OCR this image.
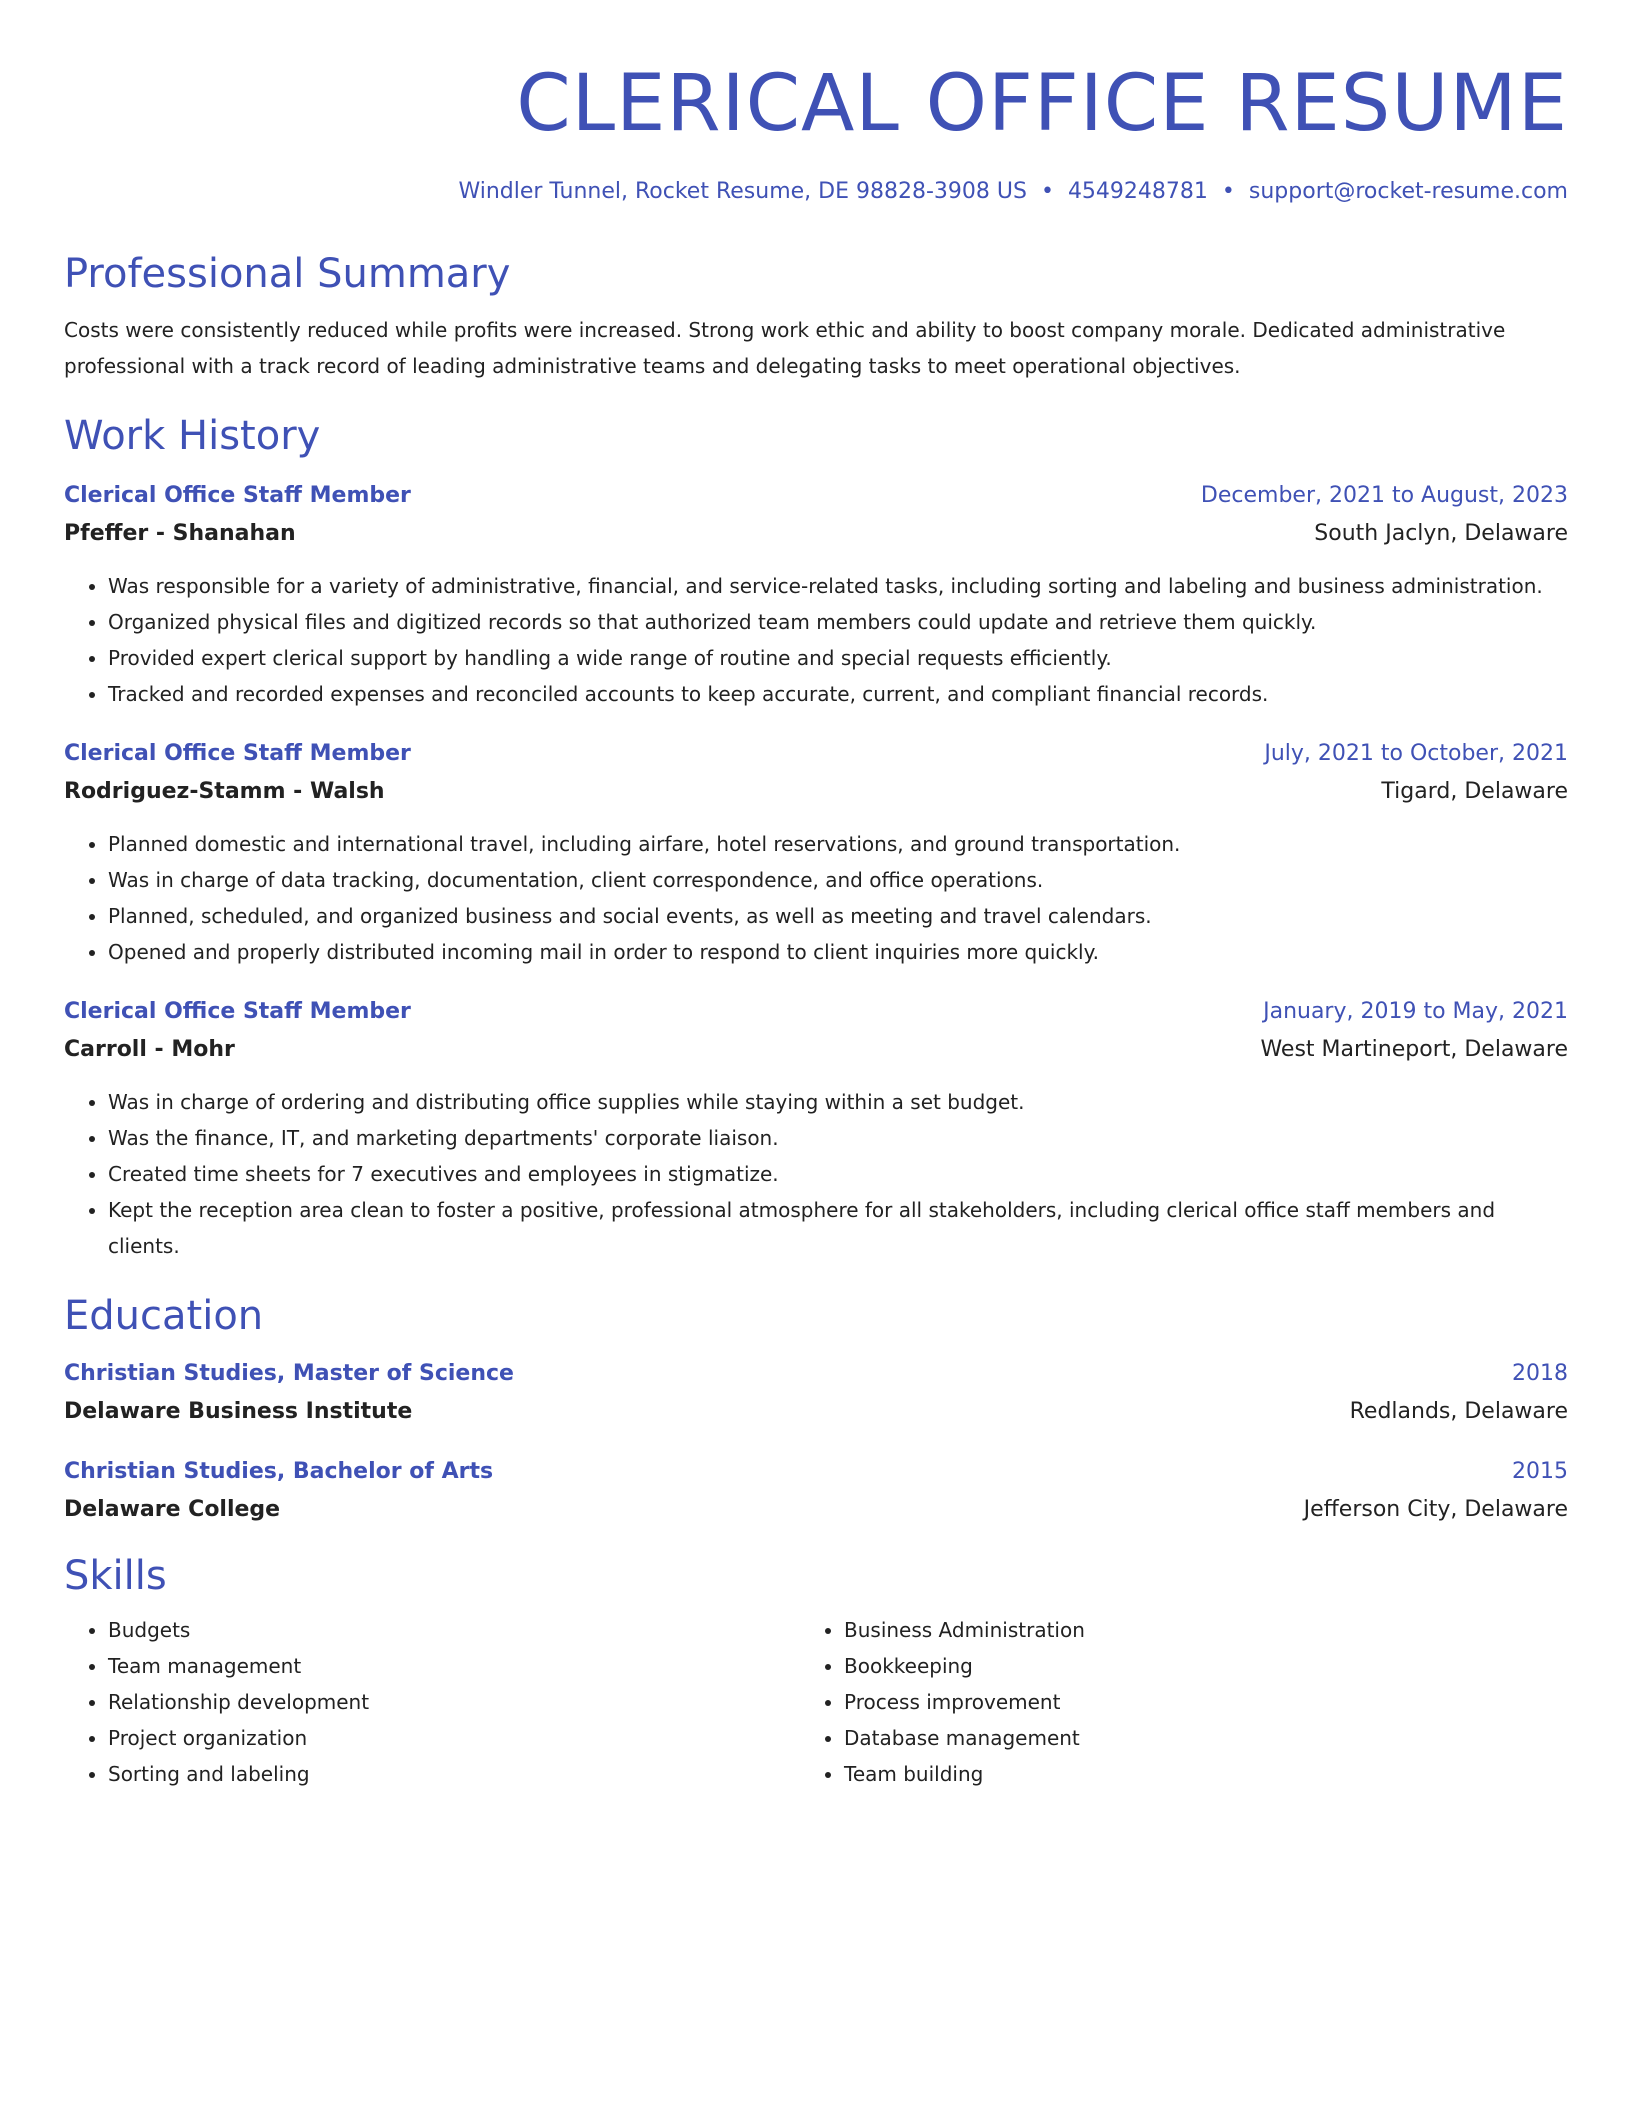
CLERICAL OFFICE RESUME
Windler Tunnel, Rocket Resume, DE 98828-3908 US • 4549248781 • support@rocket-resume.com
Professional Summary

Costs were consistently reduced while profits were increased. Strong work ethic and ability to boost company morale. Dedicated administrative professional with a track record of leading administrative teams and delegating tasks to meet operational objectives.

Work History
Clerical Office Staff Member	December, 2021 to August, 2023
Pfeffer - Shanahan	South Jaclyn, Delaware
• Was responsible for a variety of administrative, financial, and service-related tasks, including sorting and labeling and business administration.
• Organized physical files and digitized records so that authorized team members could update and retrieve them quickly.
• Provided expert clerical support by handling a wide range of routine and special requests efficiently.
• Tracked and recorded expenses and reconciled accounts to keep accurate, current, and compliant financial records.
Clerical Office Staff Member	July, 2021 to October, 2021
Rodriguez-Stamm - Walsh	Tigard, Delaware
• Planned domestic and international travel, including airfare, hotel reservations, and ground transportation.
• Was in charge of data tracking, documentation, client correspondence, and office operations.
• Planned, scheduled, and organized business and social events, as well as meeting and travel calendars.
• Opened and properly distributed incoming mail in order to respond to client inquiries more quickly.
Clerical Office Staff Member	January, 2019 to May, 2021
Carroll - Mohr	West Martineport, Delaware
• Was in charge of ordering and distributing office supplies while staying within a set budget.
• Was the finance, IT, and marketing departments' corporate liaison.
• Created time sheets for 7 executives and employees in stigmatize.
• Kept the reception area clean to foster a positive, professional atmosphere for all stakeholders, including clerical office staff members and clients.
Education
Christian Studies, Master of Science	2018
Delaware Business Institute	Redlands, Delaware
Christian Studies, Bachelor of Arts	2015
Delaware College	Jefferson City, Delaware
Skills
• Budgets
• Team management
• Relationship development
• Project organization
• Sorting and labeling
• Business Administration
• Bookkeeping
• Process improvement
• Database management
• Team building
